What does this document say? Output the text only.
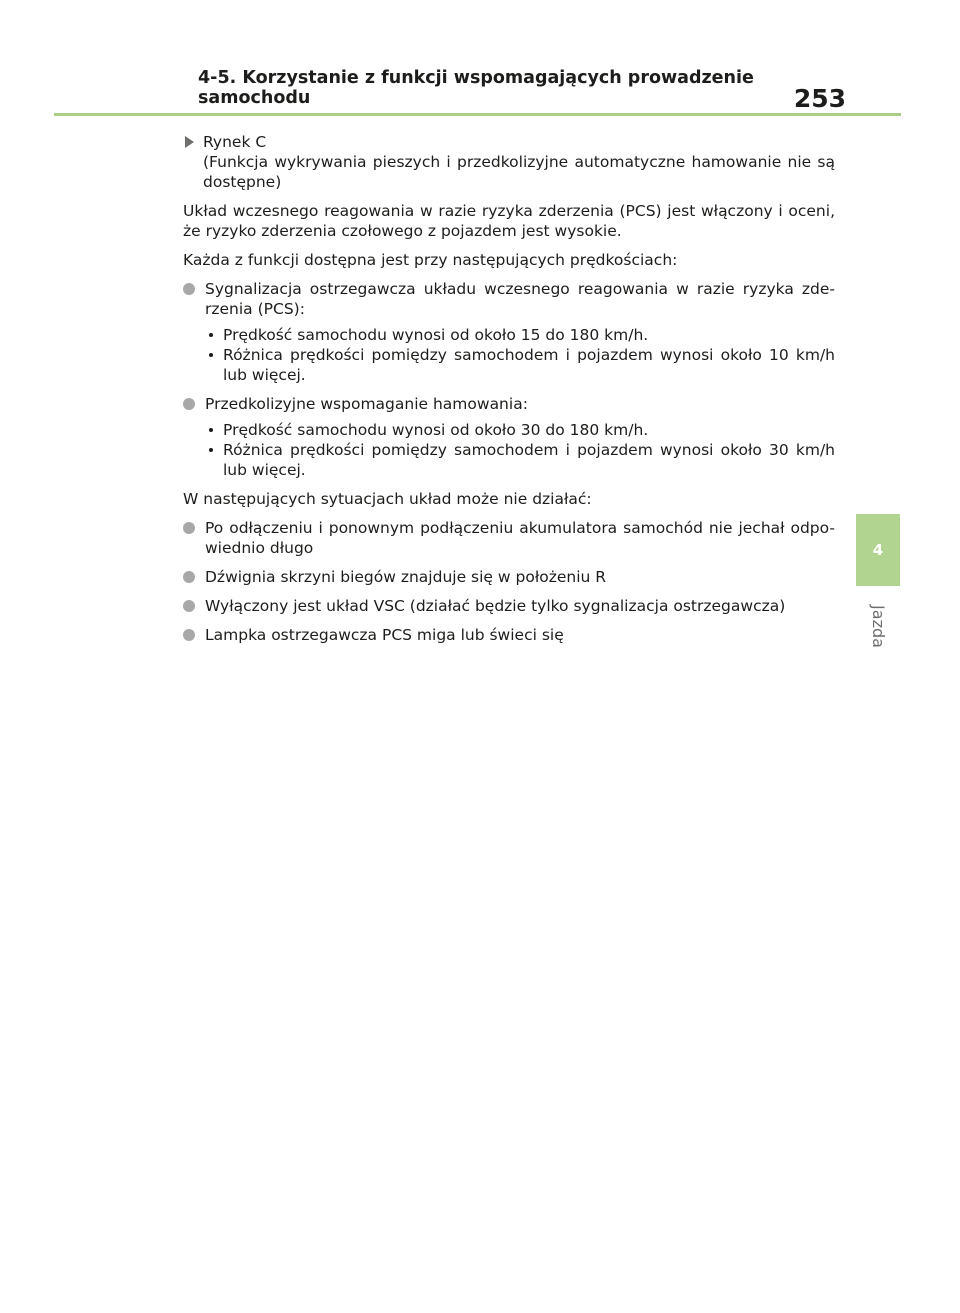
4-5. Korzystanie z funkcji wspomagających prowadzenie samochodu	253
4
Jazda
Rynek C
(Funkcja wykrywania pieszych i przedkolizyjne automatyczne hamowanie nie są dostępne)
Układ wczesnego reagowania w razie ryzyka zderzenia (PCS) jest włączony i oceni, że ryzyko zderzenia czołowego z pojazdem jest wysokie.
Każda z funkcji dostępna jest przy następujących prędkościach:
Sygnalizacja ostrzegawcza układu wczesnego reagowania w razie ryzyka zde-rzenia (PCS):
Prędkość samochodu wynosi od około 15 do 180 km/h.
Różnica prędkości pomiędzy samochodem i pojazdem wynosi około 10 km/h lub więcej.
Przedkolizyjne wspomaganie hamowania:
Prędkość samochodu wynosi od około 30 do 180 km/h.
Różnica prędkości pomiędzy samochodem i pojazdem wynosi około 30 km/h lub więcej.
W następujących sytuacjach układ może nie działać:
Po odłączeniu i ponownym podłączeniu akumulatora samochód nie jechał odpo-wiednio długo
Dźwignia skrzyni biegów znajduje się w położeniu R
Wyłączony jest układ VSC (działać będzie tylko sygnalizacja ostrzegawcza)
Lampka ostrzegawcza PCS miga lub świeci się
